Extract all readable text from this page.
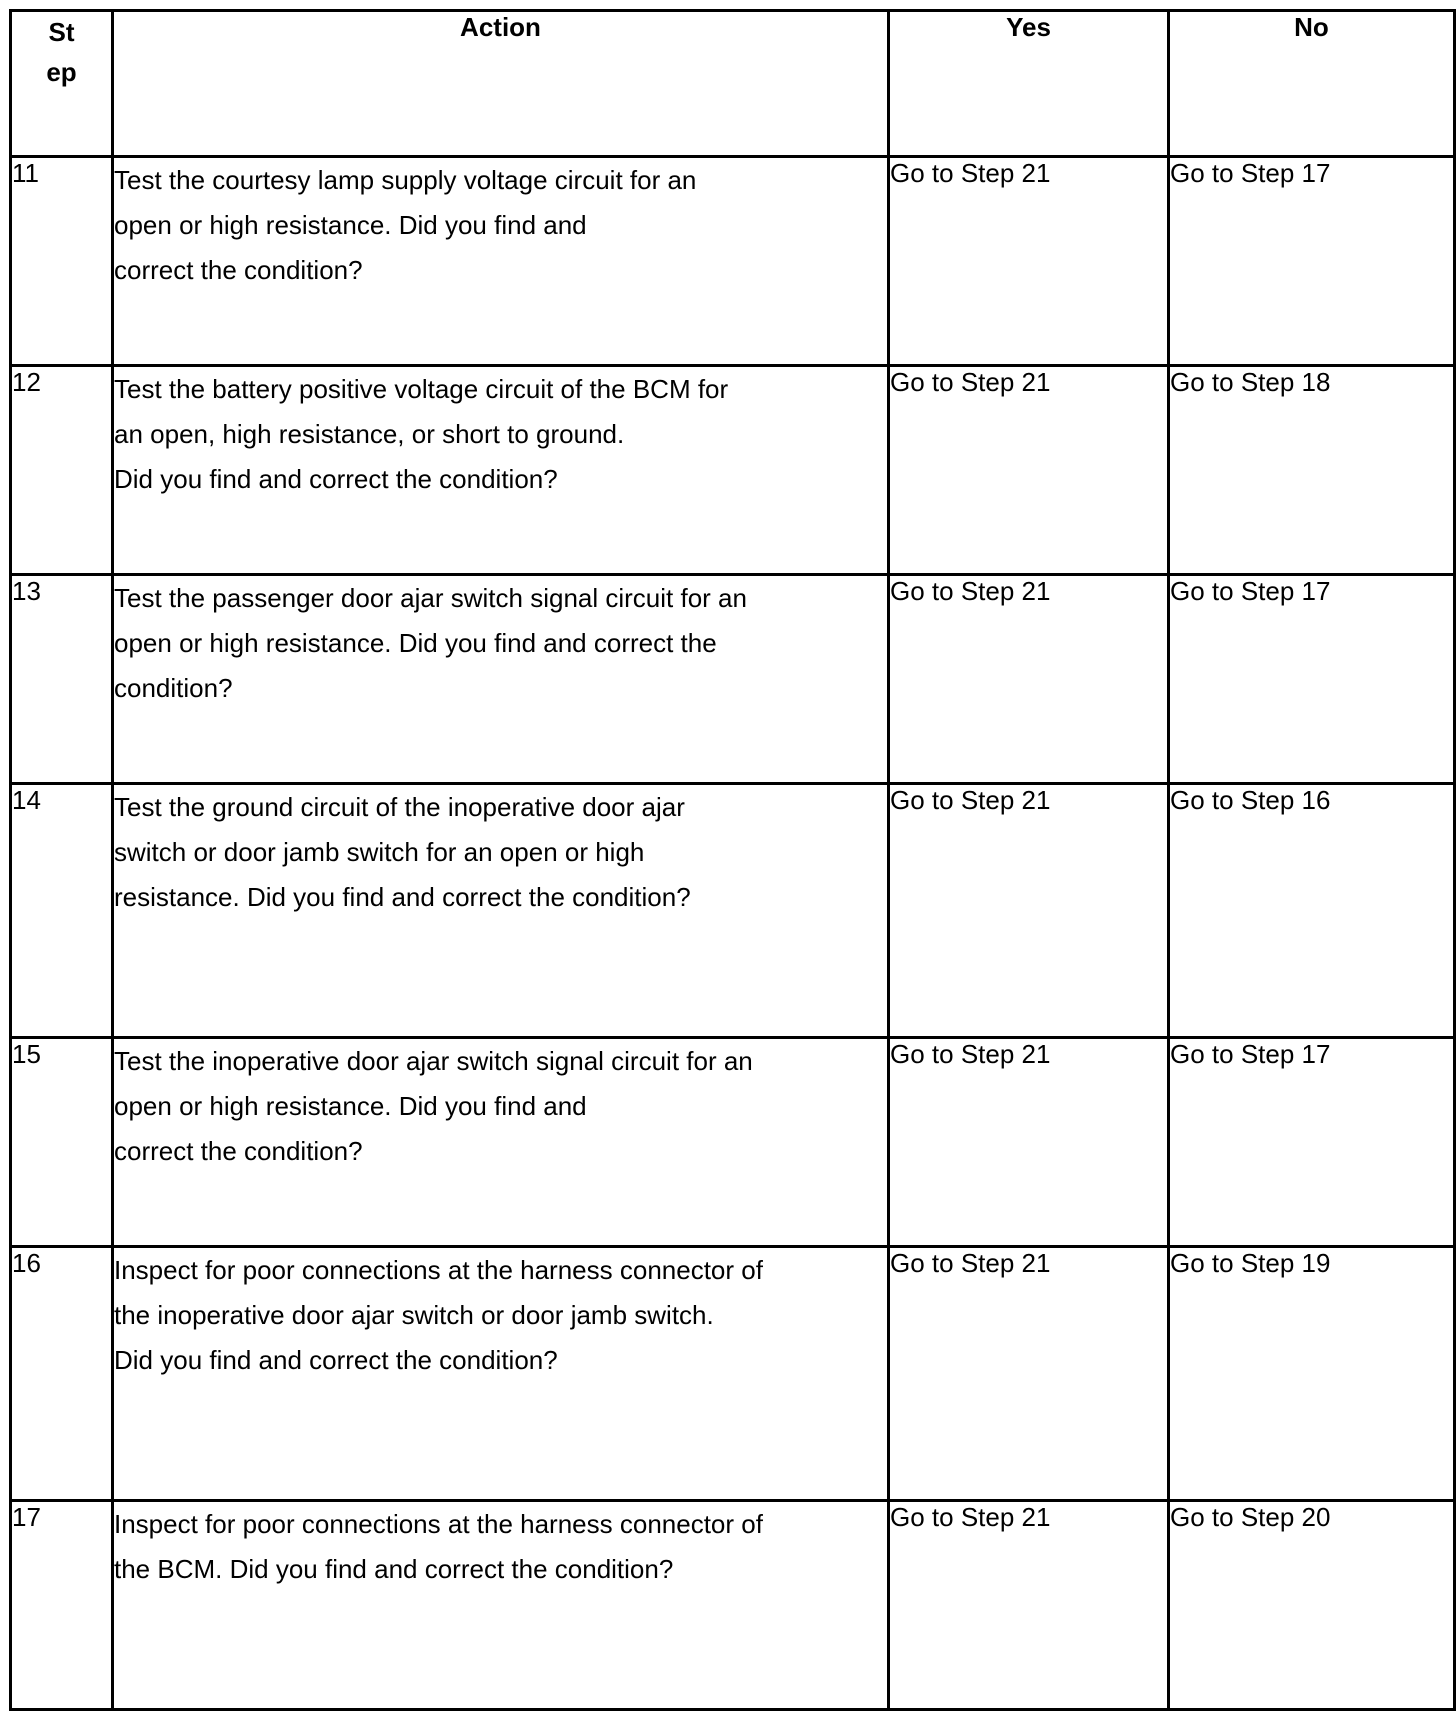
St
ep	Action	Yes	No
11	Test the courtesy lamp supply voltage circuit for an
open or high resistance. Did you find and
correct the condition?	Go to Step 21	Go to Step 17
12	Test the battery positive voltage circuit of the BCM for
an open, high resistance, or short to ground.
Did you find and correct the condition?	Go to Step 21	Go to Step 18
13	Test the passenger door ajar switch signal circuit for an
open or high resistance. Did you find and correct the
condition?	Go to Step 21	Go to Step 17
14	Test the ground circuit of the inoperative door ajar
switch or door jamb switch for an open or high
resistance. Did you find and correct the condition?	Go to Step 21	Go to Step 16
15	Test the inoperative door ajar switch signal circuit for an
open or high resistance. Did you find and
correct the condition?	Go to Step 21	Go to Step 17
16	Inspect for poor connections at the harness connector of
the inoperative door ajar switch or door jamb switch.
Did you find and correct the condition?	Go to Step 21	Go to Step 19
17	Inspect for poor connections at the harness connector of
the BCM. Did you find and correct the condition?	Go to Step 21	Go to Step 20
